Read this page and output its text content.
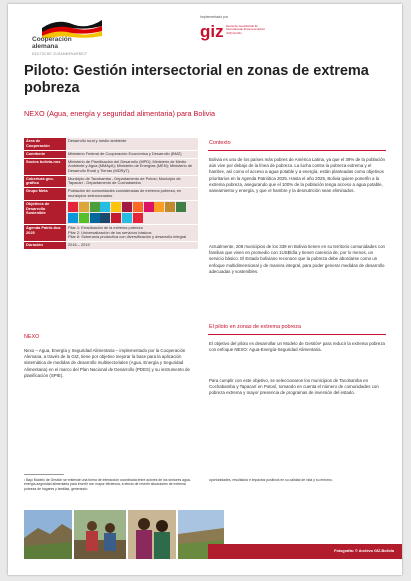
Cooperación
alemana
DEUTSCHE ZUSAMMENARBEIT
Implementado por
giz Deutsche Gesellschaft für Internationale Zusammenarbeit (GIZ) GmbH
Piloto: Gestión intersectorial en zonas de extrema pobreza

NEXO (Agua, energía y seguridad alimentaria) para Bolivia

Área de Cooperación	Desarrollo rural y medio ambiente
Comitente	Ministerio Federal de Cooperación Económica y Desarrollo (BMZ)
Socios bolivia-nos	Ministerio de Planificación del Desarrollo (MPD); Ministerio de Medio Ambiente y Agua (MMAyA); Ministerio de Energías (MEN); Ministerio de Desarrollo Rural y Tierras (MDRyT).
Cobertura geo-gráfica	Municipio de Tacobamba - Departamento de Potosí; Municipio de Tapacarí - Departamento de Cochabamba
Grupo Meta	Población de comunidades consideradas de extrema pobreza, en municipios seleccionados.
Objetivos de Desarrollo Sostenible	

Agenda Patrió-tica 2025	Pilar 1: Erradicación de la extrema pobreza
Pilar 2: Universalización de los servicios básicos
Pilar 6: Soberanía productiva con diversificación y desarrollo integral
Duración	2016 – 2019
NEXO

Nexo – Agua, Energía y Seguridad Alimentaria – implementado por la Cooperación Alemana, a través de la GIZ, tiene por objetivo mejorar la base para la aplicación sistemática de medidas de desarrollo multisectoriales (Agua, Energía y Seguridad Alimentaria) en el marco del Plan Nacional de Desarrollo (PDES) y su instrumento de planificación (SPIE).

Contexto

Bolivia es uno de los países más pobres de América Latina, ya que el 39% de la población aún vive por debajo de la línea de pobreza. La lucha contra la pobreza extrema y el hambre, así como el acceso a agua potable y a energía, están planteadas como objetivos prioritarios en la Agenda Patriótica 2025. Hasta el año 2025, Bolivia quiere ponerfin a la extrema pobreza, asegurando que el 100% de la población tenga acceso a agua potable, saneamiento y energía, y que el hambre y la desnutrición sean eliminados.

Actualmente, 208 municipios de los 339 en Bolivia tienen en su territorio comunidades con familias que viven en promedio con 1US$/día y tienen carencia de, por lo menos, un servicio básico. El Estado boliviano reconoce que la pobreza debe abordarse como un enfoque multidimensional y de manera integral, para poder generar medidas de desarrollo adecuadas y sostenibles.

El piloto en zonas de extrema pobreza

El objetivo del piloto es desarrollar un Modelo de Gestión¹ para reducir la extrema pobreza con enfoque NEXO: Agua-Energía-Seguridad Alimentaria.

Para cumplir con este objetivo, se seleccionaron los municipios de Tacobamba en Cochabamba y Tapacarí en Potosí, tomando en cuenta el número de comunidades con pobreza extrema y mayor presencia de programas de inversión del estado.

¹ Bajo Modelo de Gestión se entiende una forma de interacción coordinada entre actores de los sectores agua-energía-seguridad alimentaria para invertir con mayor eficiencia, a efecto de revertir situaciones de extrema pobreza de hogares y familias, generando
oportunidades, resultados e impactos positivos en su calidad de vida y su entorno.
Fotografía: © Archivo GIZ-Bolivia
